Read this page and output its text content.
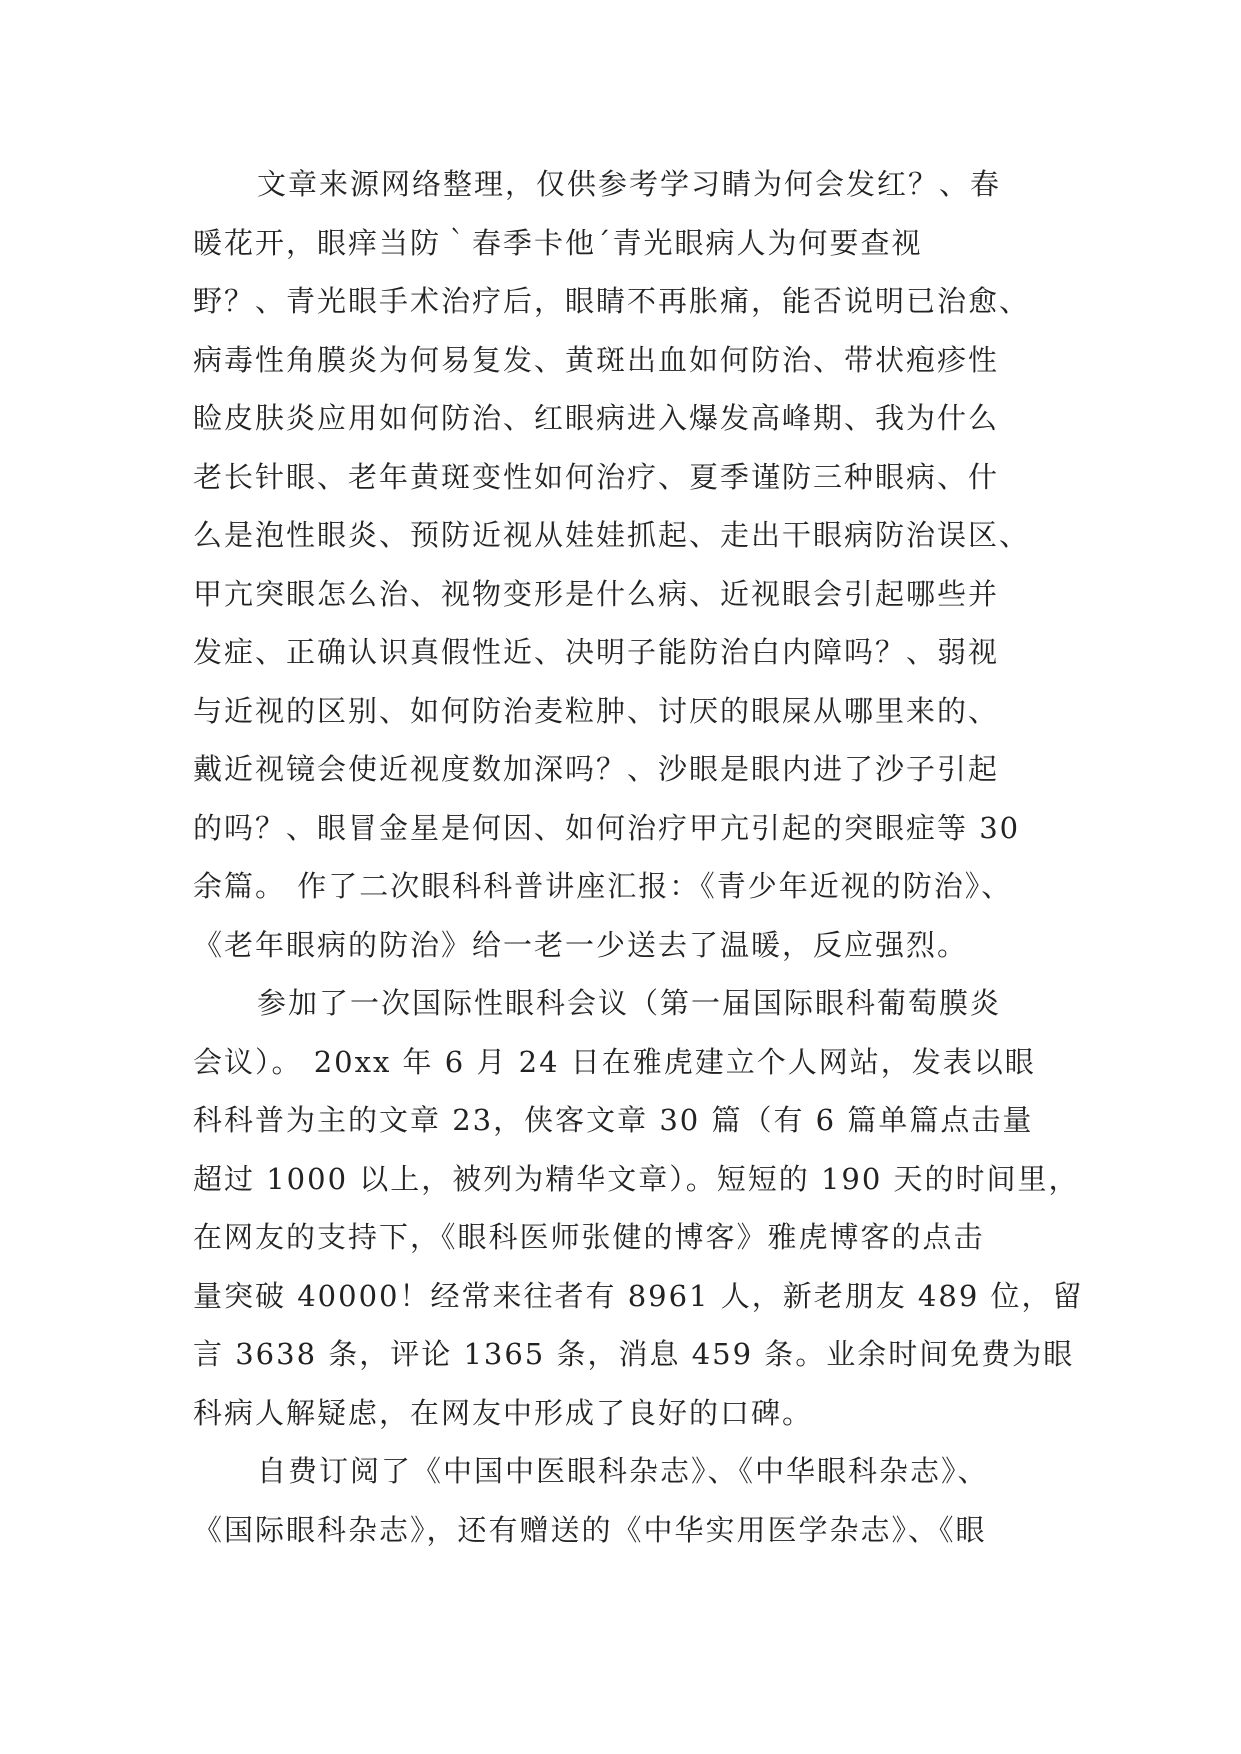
文章来源网络整理，仅供参考学习睛为何会发红？、春
暖花开，眼痒当防｀春季卡他´青光眼病人为何要查视
野？、青光眼手术治疗后，眼睛不再胀痛，能否说明已治愈、
病毒性角膜炎为何易复发、黄斑出血如何防治、带状疱疹性
睑皮肤炎应用如何防治、红眼病进入爆发高峰期、我为什么
老长针眼、老年黄斑变性如何治疗、夏季谨防三种眼病、什
么是泡性眼炎、预防近视从娃娃抓起、走出干眼病防治误区、
甲亢突眼怎么治、视物变形是什么病、近视眼会引起哪些并
发症、正确认识真假性近、决明子能防治白内障吗？、弱视
与近视的区别、如何防治麦粒肿、讨厌的眼屎从哪里来的、
戴近视镜会使近视度数加深吗？、沙眼是眼内进了沙子引起
的吗？、眼冒金星是何因、如何治疗甲亢引起的突眼症等 30
余篇。 作了二次眼科科普讲座汇报：《青少年近视的防治》、
《老年眼病的防治》给一老一少送去了温暖，反应强烈。
参加了一次国际性眼科会议（第一届国际眼科葡萄膜炎
会议）。 20xx 年 6 月 24 日在雅虎建立个人网站，发表以眼
科科普为主的文章 23，侠客文章 30 篇（有 6 篇单篇点击量
超过 1000 以上，被列为精华文章）。短短的 190 天的时间里，
在网友的支持下，《眼科医师张健的博客》雅虎博客的点击
量突破 40000！经常来往者有 8961 人，新老朋友 489 位，留
言 3638 条，评论 1365 条，消息 459 条。业余时间免费为眼
科病人解疑虑，在网友中形成了良好的口碑。
自费订阅了《中国中医眼科杂志》、《中华眼科杂志》、
《国际眼科杂志》，还有赠送的《中华实用医学杂志》、《眼
